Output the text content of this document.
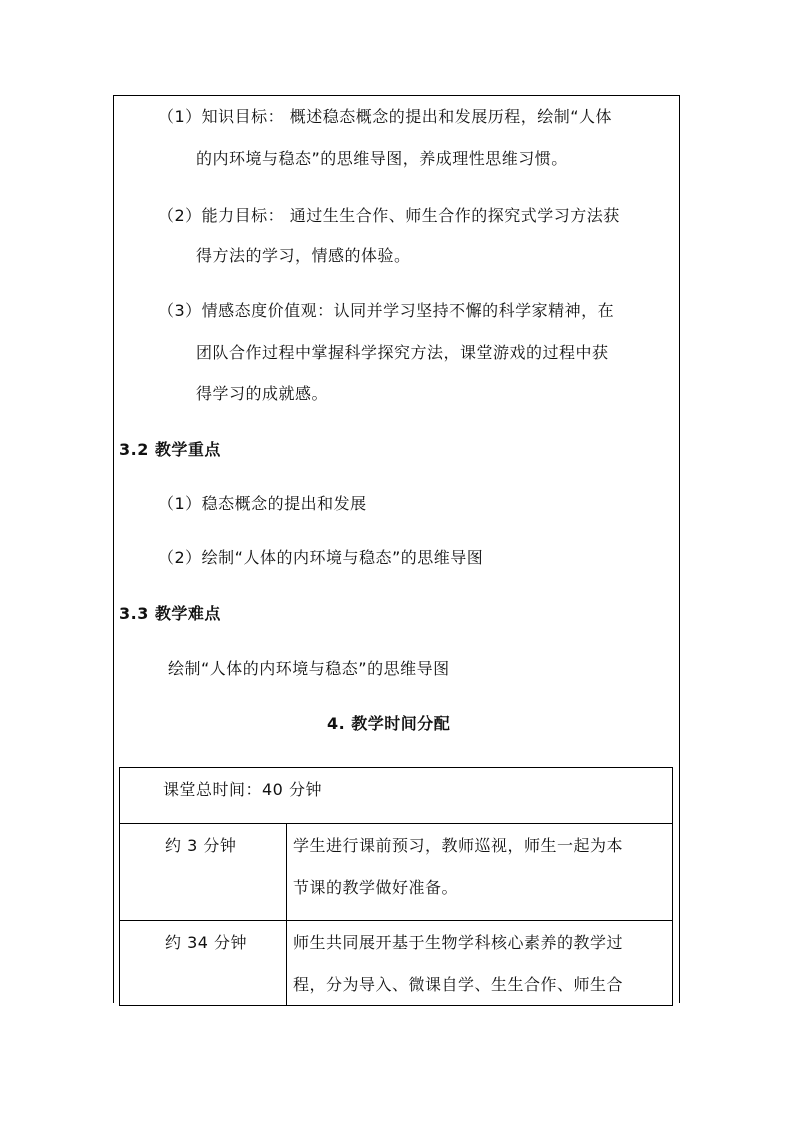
（1）知识目标： 概述稳态概念的提出和发展历程，绘制“人体
的内环境与稳态”的思维导图，养成理性思维习惯。
（2）能力目标： 通过生生合作、师生合作的探究式学习方法获
得方法的学习，情感的体验。
（3）情感态度价值观：认同并学习坚持不懈的科学家精神，在
团队合作过程中掌握科学探究方法，课堂游戏的过程中获
得学习的成就感。
3.2 教学重点
（1）稳态概念的提出和发展
（2）绘制“人体的内环境与稳态”的思维导图
3.3 教学难点
绘制“人体的内环境与稳态”的思维导图
4. 教学时间分配
课堂总时间：40 分钟	

约 3 分钟	学生进行课前预习，教师巡视，师生一起为本
节课的教学做好准备。

约 34 分钟	师生共同展开基于生物学科核心素养的教学过
程，分为导入、微课自学、生生合作、师生合
